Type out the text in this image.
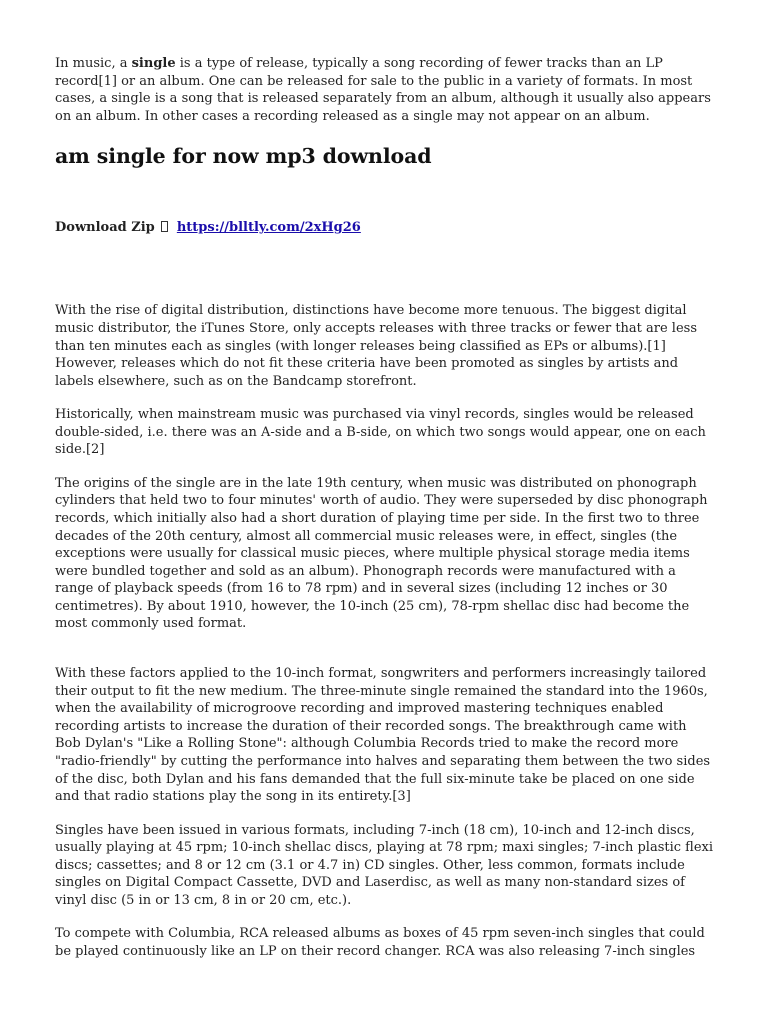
In music, a single is a type of release, typically a song recording of fewer tracks than an LP record[1] or an album. One can be released for sale to the public in a variety of formats. In most cases, a single is a song that is released separately from an album, although it usually also appears on an album. In other cases a recording released as a single may not appear on an album.

am single for now mp3 download
Download Zip https://blltly.com/2xHg26

With the rise of digital distribution, distinctions have become more tenuous. The biggest digital music distributor, the iTunes Store, only accepts releases with three tracks or fewer that are less than ten minutes each as singles (with longer releases being classified as EPs or albums).[1] However, releases which do not fit these criteria have been promoted as singles by artists and labels elsewhere, such as on the Bandcamp storefront.

Historically, when mainstream music was purchased via vinyl records, singles would be released double-sided, i.e. there was an A-side and a B-side, on which two songs would appear, one on each side.[2]

The origins of the single are in the late 19th century, when music was distributed on phonograph cylinders that held two to four minutes' worth of audio. They were superseded by disc phonograph records, which initially also had a short duration of playing time per side. In the first two to three decades of the 20th century, almost all commercial music releases were, in effect, singles (the exceptions were usually for classical music pieces, where multiple physical storage media items were bundled together and sold as an album). Phonograph records were manufactured with a range of playback speeds (from 16 to 78 rpm) and in several sizes (including 12 inches or 30 centimetres). By about 1910, however, the 10-inch (25 cm), 78-rpm shellac disc had become the most commonly used format.

With these factors applied to the 10-inch format, songwriters and performers increasingly tailored their output to fit the new medium. The three-minute single remained the standard into the 1960s, when the availability of microgroove recording and improved mastering techniques enabled recording artists to increase the duration of their recorded songs. The breakthrough came with Bob Dylan's "Like a Rolling Stone": although Columbia Records tried to make the record more "radio-friendly" by cutting the performance into halves and separating them between the two sides of the disc, both Dylan and his fans demanded that the full six-minute take be placed on one side and that radio stations play the song in its entirety.[3]

Singles have been issued in various formats, including 7-inch (18 cm), 10-inch and 12-inch discs, usually playing at 45 rpm; 10-inch shellac discs, playing at 78 rpm; maxi singles; 7-inch plastic flexi discs; cassettes; and 8 or 12 cm (3.1 or 4.7 in) CD singles. Other, less common, formats include singles on Digital Compact Cassette, DVD and Laserdisc, as well as many non-standard sizes of vinyl disc (5 in or 13 cm, 8 in or 20 cm, etc.).

To compete with Columbia, RCA released albums as boxes of 45 rpm seven-inch singles that could be played continuously like an LP on their record changer. RCA was also releasing 7-inch singles
